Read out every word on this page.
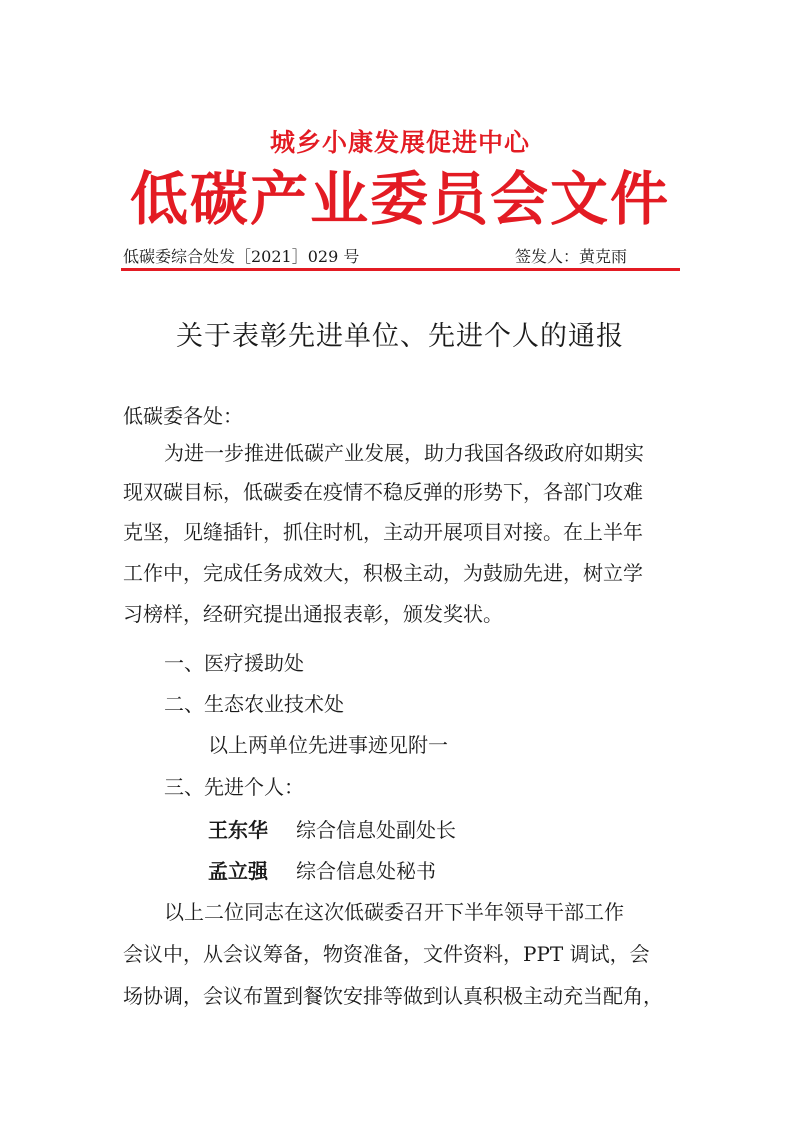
城乡小康发展促进中心
低碳产业委员会文件
低碳委综合处发［2021］029 号	签发人：黄克雨
关于表彰先进单位、先进个人的通报
低碳委各处：
为进一步推进低碳产业发展，助力我国各级政府如期实
现双碳目标，低碳委在疫情不稳反弹的形势下，各部门攻难
克坚，见缝插针，抓住时机，主动开展项目对接。在上半年
工作中，完成任务成效大，积极主动，为鼓励先进，树立学
习榜样，经研究提出通报表彰，颁发奖状。
一、医疗援助处
二、生态农业技术处
以上两单位先进事迹见附一
三、先进个人：
王东华 综合信息处副处长
孟立强 综合信息处秘书
以上二位同志在这次低碳委召开下半年领导干部工作
会议中，从会议筹备，物资准备，文件资料，PPT 调试，会
场协调，会议布置到餐饮安排等做到认真积极主动充当配角，
